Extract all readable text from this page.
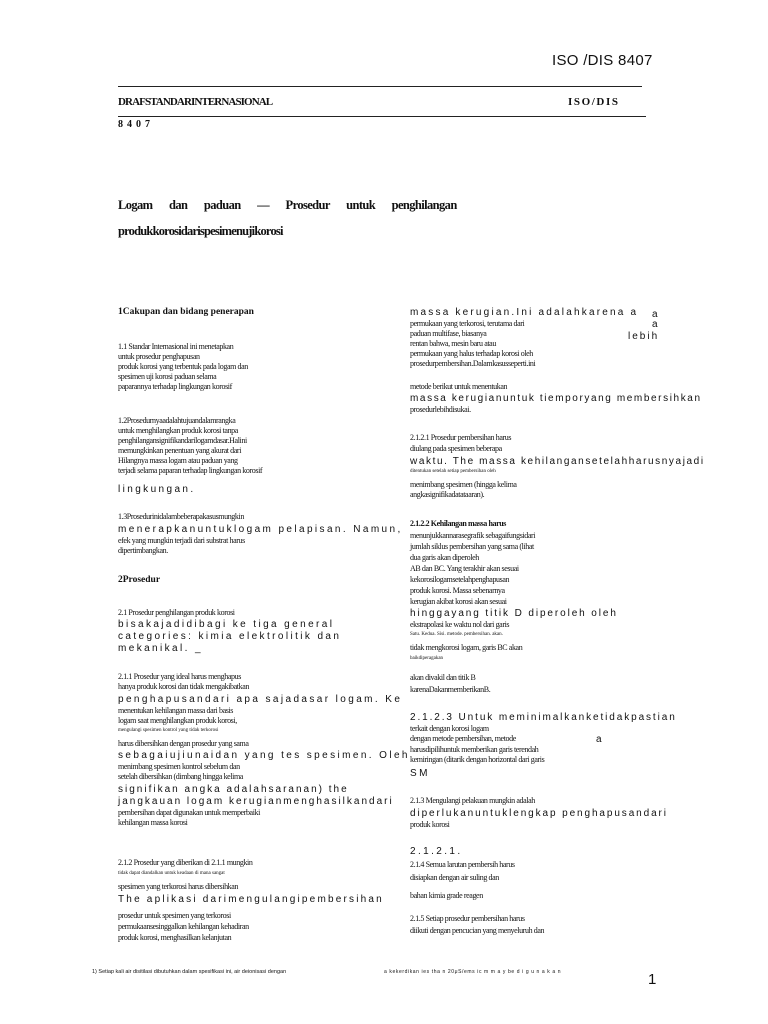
ISO /DIS 8407
DRAFSTANDARINTERNASIONAL	ISO/DIS
8407
Logam dan paduan — Prosedur untuk penghilangan
produkkorosidarispesimenujikorosi
1Cakupan dan bidang penerapan
1.1 Standar Internasional ini menetapkan
untuk prosedur penghapusan
produk korosi yang terbentuk pada logam dan
spesimen uji korosi paduan selama
paparannya terhadap lingkungan korosif
1.2Prosedurnyaadalahtujuandalamrangka
untuk menghilangkan produk korosi tanpa
penghilangansignifikandarilogamdasar.Halini
memungkinkan penentuan yang akurat dari
Hilangnya massa logam atau paduan yang
terjadi selama paparan terhadap lingkungan korosif
lingkungan.
1.3Prosedurinidalambeberapakasusmungkin
menerapkanuntuklogam pelapisan. Namun,
efek yang mungkin terjadi dari substrat harus
dipertimbangkan.
2Prosedur
2.1 Prosedur penghilangan produk korosi
bisakajadidibagi ke tiga general
categories: kimia elektrolitik dan
mekanikal. _
2.1.1 Prosedur yang ideal harus menghapus
hanya produk korosi dan tidak mengakibatkan
penghapusandari apa sajadasar logam. Ke
menentukan kehilangan massa dari basis
logam saat menghilangkan produk korosi,
mengulangi spesimen kontrol yang tidak terkorosi
harus dibersihkan dengan prosedur yang sama
sebagaiujiunaidan yang tes spesimen. Oleh
menimbang spesimen kontrol sebelum dan
setelah dibersihkan (dimbang hingga kelima
signifikan angka adalahsaranan) the
jangkauan logam kerugianmenghasilkandari
pembersihan dapat digunakan untuk memperbaiki
kehilangan massa korosi
2.1.2 Prosedur yang diberikan di 2.1.1 mungkin
tidak dapat diandalkan untuk keadaan di mana sangat
spesimen yang terkorosi harus dibersihkan
The aplikasi darimengulangipembersihan
prosedur untuk spesimen yang terkorosi
permukaansesinggalkan kehilangan kehadiran
produk korosi, menghasilkan kelanjutan
massa kerugian.Ini adalahkarena a
permukaan yang terkorosi, terutama dari
paduan multifase, biasanya
rentan bahwa, mesin baru atau
permukaan yang halus terhadap korosi oleh
prosedurpembersihan.Dalamkasusseperti.ini
a
lebih
a
metode berikut untuk menentukan
massa kerugianuntuk tiemporyang membersihkan
prosedurlebihdisukai.
2.1.2.1 Prosedur pembersihan harus
diulang pada spesimen beberapa
waktu. The massa kehilangansetelahharusnyajadi
ditentukan setelah setiap pembersihan oleh
menimbang spesimen (hingga kelima
angkasignifikadatataaran).
2.1.2.2 Kehilangan massa harus
menunjukkannarasegrafik sebagaifungsidari
jumlah siklus pembersihan yang sama (lihat
dua garis akan diperoleh
AB dan BC. Yang terakhir akan sesuai
kekorosilogamsetelahpenghapusan
produk korosi. Massa sebenarnya
kerugian akibat korosi akan sesuai
hinggayang titik D diperoleh oleh
ekstrapolasi ke waktu nol dari garis
Satu. Kedua. Sisi. metode. pembersihan. akan.
tidak mengkorosi logam, garis BC akan
baikdiperagakan
akan divakil dan titik B
karenaDakanmemberikanB.
2.1.2.3 Untuk meminimalkanketidakpastian
terkait dengan korosi logam
dengan metode pembersihan, metode	a
harusdipilihuntuk memberikan garis terendah
kemiringan (ditarik dengan horizontal dari garis
SM
2.1.3 Mengulangi pelakuan mungkin adalah
diperlukanuntuklengkap penghapusandari
produk korosi
2.1.2.1.
2.1.4 Semua larutan pembersih harus
disiapkan dengan air suling dan
bahan kimia grade reagen
2.1.5 Setiap prosedur pembersihan harus
diikuti dengan pencucian yang menyeluruh dan
1) Setiap kali air disitilasi dibutuhkan dalam spesifikasi ini, air deionisasi dengan	a kekerdikan ies tha n 20μS/ems ic m m a y be d i g u n a k a n	1
